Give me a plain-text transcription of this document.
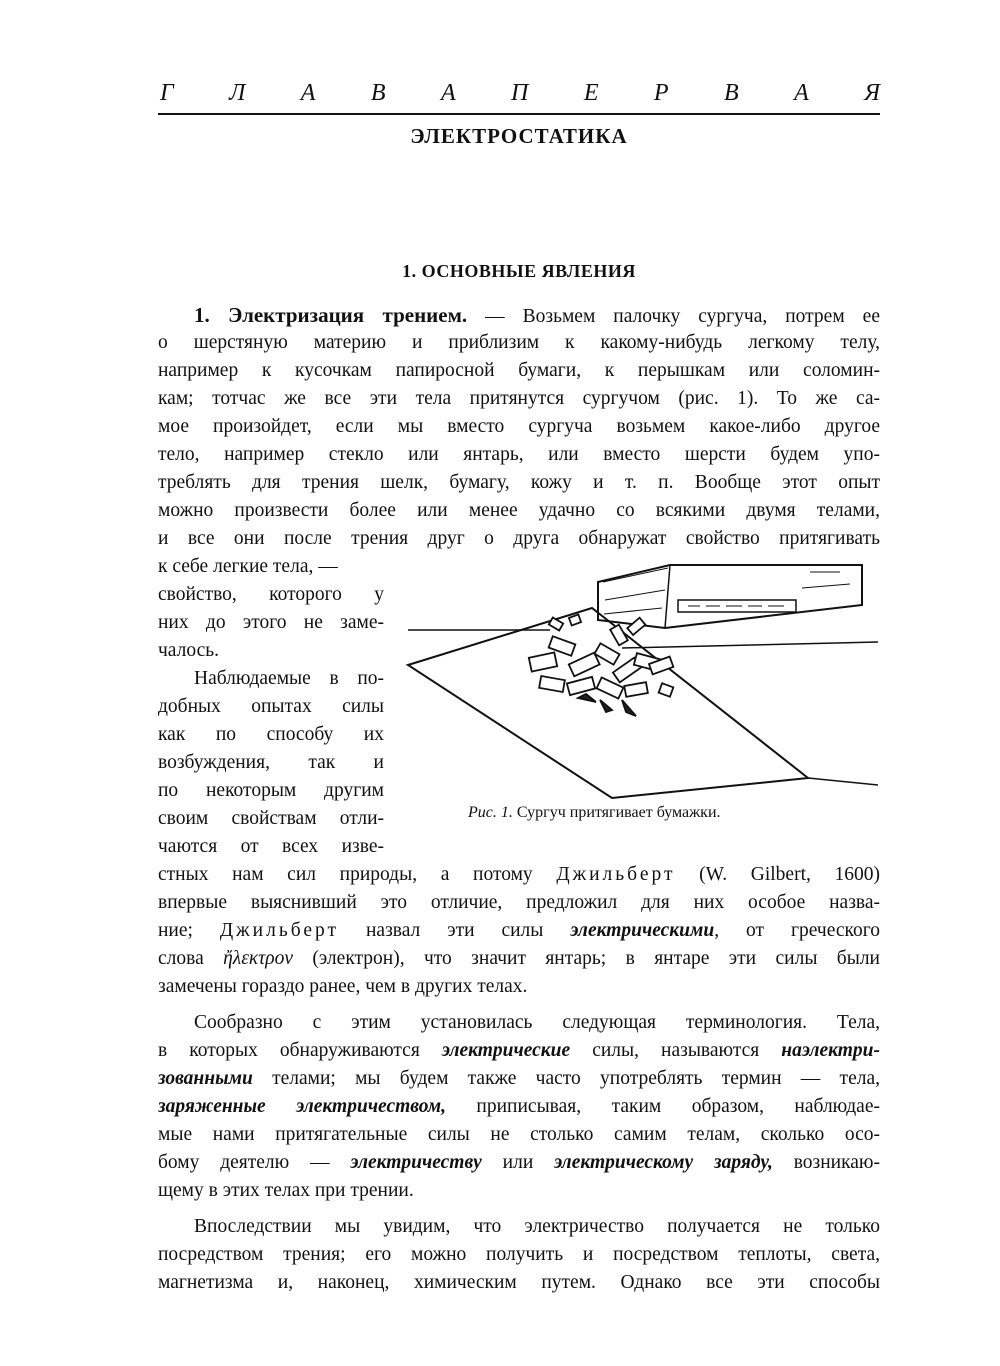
Г Л А В А П Е Р В А Я
ЭЛЕКТРОСТАТИКА
1. ОСНОВНЫЕ ЯВЛЕНИЯ
1. Электризация трением. — Возьмем палочку сургуча, потрем ее
о шерстяную материю и приблизим к какому-нибудь легкому телу,
например к кусочкам папиросной бумаги, к перышкам или соломин-
кам; тотчас же все эти тела притянутся сургучом (рис. 1). То же са-
мое произойдет, если мы вместо сургуча возьмем какое-либо другое
тело, например стекло или янтарь, или вместо шерсти будем упо-
треблять для трения шелк, бумагу, кожу и т. п. Вообще этот опыт
можно произвести более или менее удачно со всякими двумя телами,
и все они после трения друг о друга обнаружат свойство притягивать
к себе легкие тела, —
свойство, которого у
них до этого не заме-
чалось.
Наблюдаемые в по-
добных опытах силы
как по способу их
возбуждения, так и
по некоторым другим
своим свойствам отли-
чаются от всех изве-
стных нам сил природы, а потому Джильберт (W. Gilbert, 1600)
впервые выяснивший это отличие, предложил для них особое назва-
ние; Джильберт назвал эти силы электрическими, от греческого
слова ἤλεκτρον (электрон), что значит янтарь; в янтаре эти силы были
замечены гораздо ранее, чем в других телах.
Сообразно с этим установилась следующая терминология. Тела,
в которых обнаруживаются электрические силы, называются наэлектри-
зованными телами; мы будем также часто употреблять термин — тела,
заряженные электричеством, приписывая, таким образом, наблюдае-
мые нами притягательные силы не столько самим телам, сколько осо-
бому деятелю — электричеству или электрическому заряду, возникаю-
щему в этих телах при трении.
Впоследствии мы увидим, что электричество получается не только
посредством трения; его можно получить и посредством теплоты, света,
магнетизма и, наконец, химическим путем. Однако все эти способы
Рис. 1. Сургуч притягивает бумажки.
